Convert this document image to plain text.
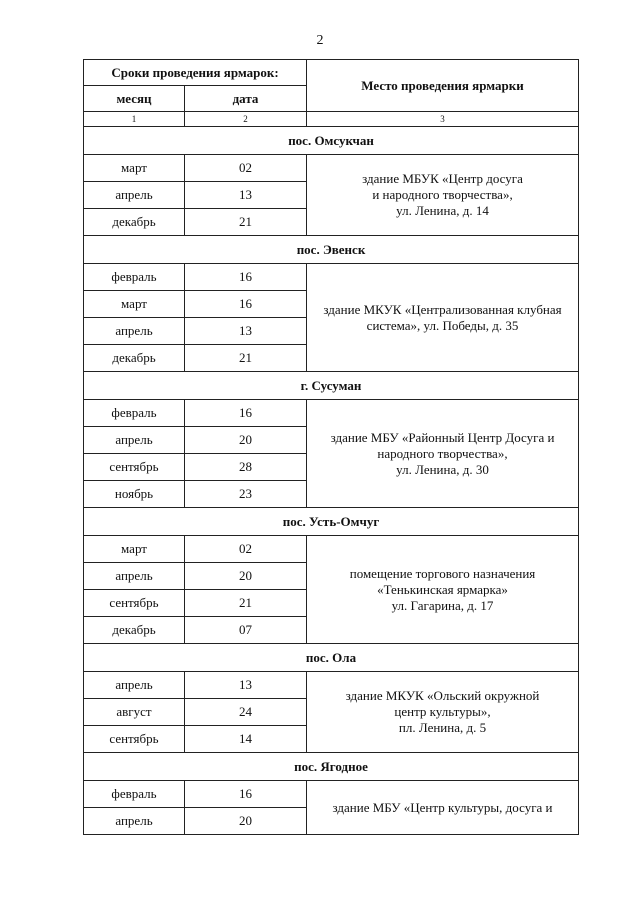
2
Сроки проведения ярмарок:		Место проведения ярмарки
месяц	дата	
1	2	3
пос. Омсукчан		
март	02	здание МБУК «Центр досуга
и народного творчества»,
ул. Ленина, д. 14

апрель	13	
декабрь	21	
пос. Эвенск		
февраль	16	здание МКУК «Централизованная клубная
система», ул. Победы, д. 35

март	16	
апрель	13	
декабрь	21	
г. Сусуман		
февраль	16	здание МБУ «Районный Центр Досуга и
народного творчества»,
ул. Ленина, д. 30

апрель	20	
сентябрь	28	
ноябрь	23	
пос. Усть-Омчуг		
март	02	помещение торгового назначения
«Тенькинская ярмарка»
ул. Гагарина, д. 17

апрель	20	
сентябрь	21	
декабрь	07	
пос. Ола		
апрель	13	здание МКУК «Ольский окружной
центр культуры»,
пл. Ленина, д. 5

август	24	
сентябрь	14	
пос. Ягодное		
февраль	16	здание МБУ «Центр культуры, досуга и

апрель	20	
